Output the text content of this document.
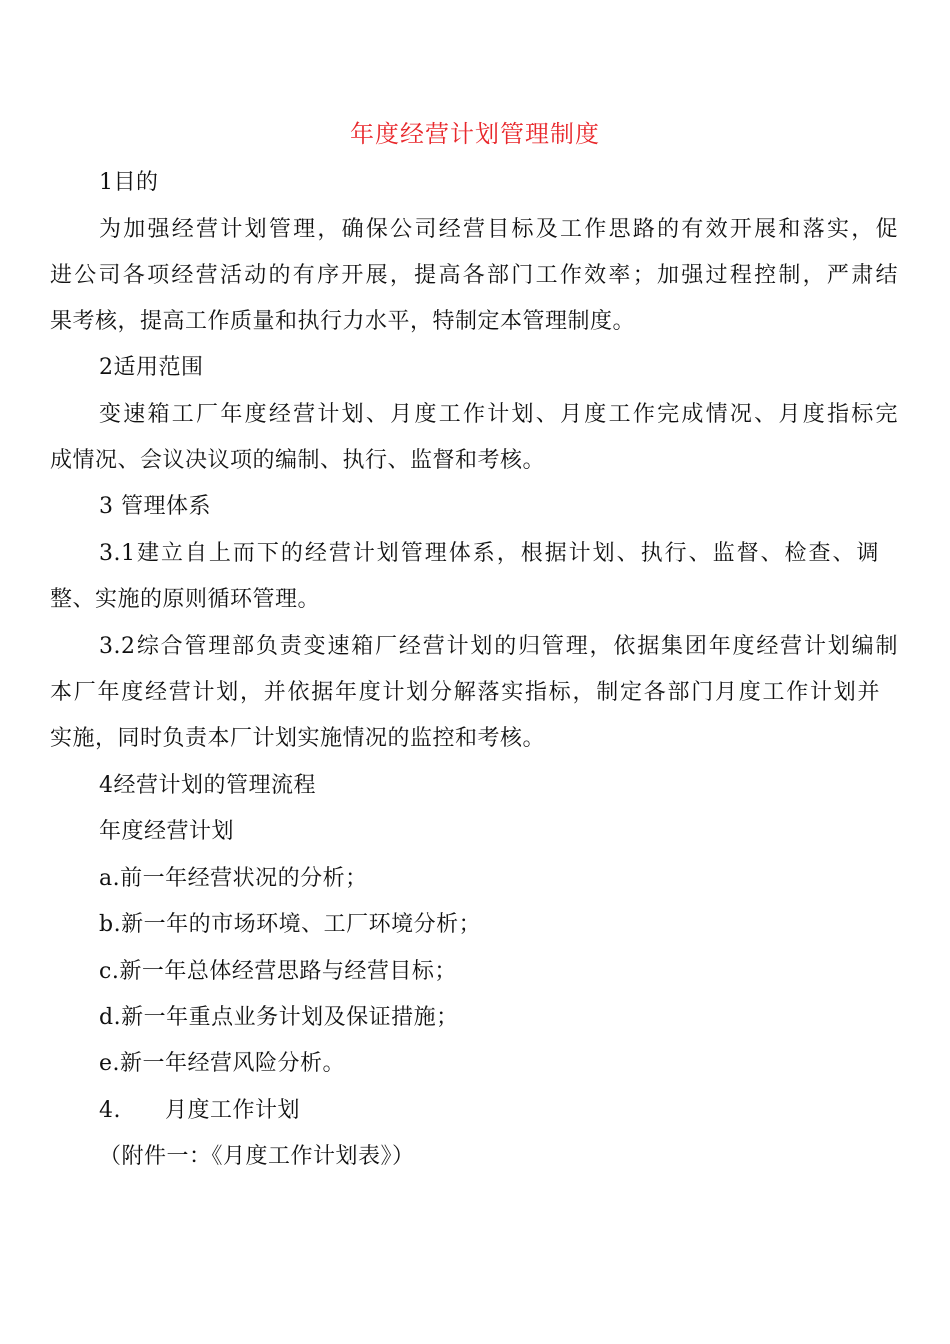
年度经营计划管理制度
1目的
为加强经营计划管理，确保公司经营目标及工作思路的有效开展和落实，促
进公司各项经营活动的有序开展，提高各部门工作效率；加强过程控制，严肃结
果考核，提高工作质量和执行力水平，特制定本管理制度。
2适用范围
变速箱工厂年度经营计划、月度工作计划、月度工作完成情况、月度指标完
成情况、会议决议项的编制、执行、监督和考核。
3 管理体系
3.1建立自上而下的经营计划管理体系，根据计划、执行、监督、检查、调
整、实施的原则循环管理。
3.2综合管理部负责变速箱厂经营计划的归管理，依据集团年度经营计划编制
本厂年度经营计划，并依据年度计划分解落实指标，制定各部门月度工作计划并
实施，同时负责本厂计划实施情况的监控和考核。
4经营计划的管理流程
年度经营计划
a.前一年经营状况的分析；
b.新一年的市场环境、工厂环境分析；
c.新一年总体经营思路与经营目标；
d.新一年重点业务计划及保证措施；
e.新一年经营风险分析。
4. 月度工作计划
（附件一：《月度工作计划表》）
